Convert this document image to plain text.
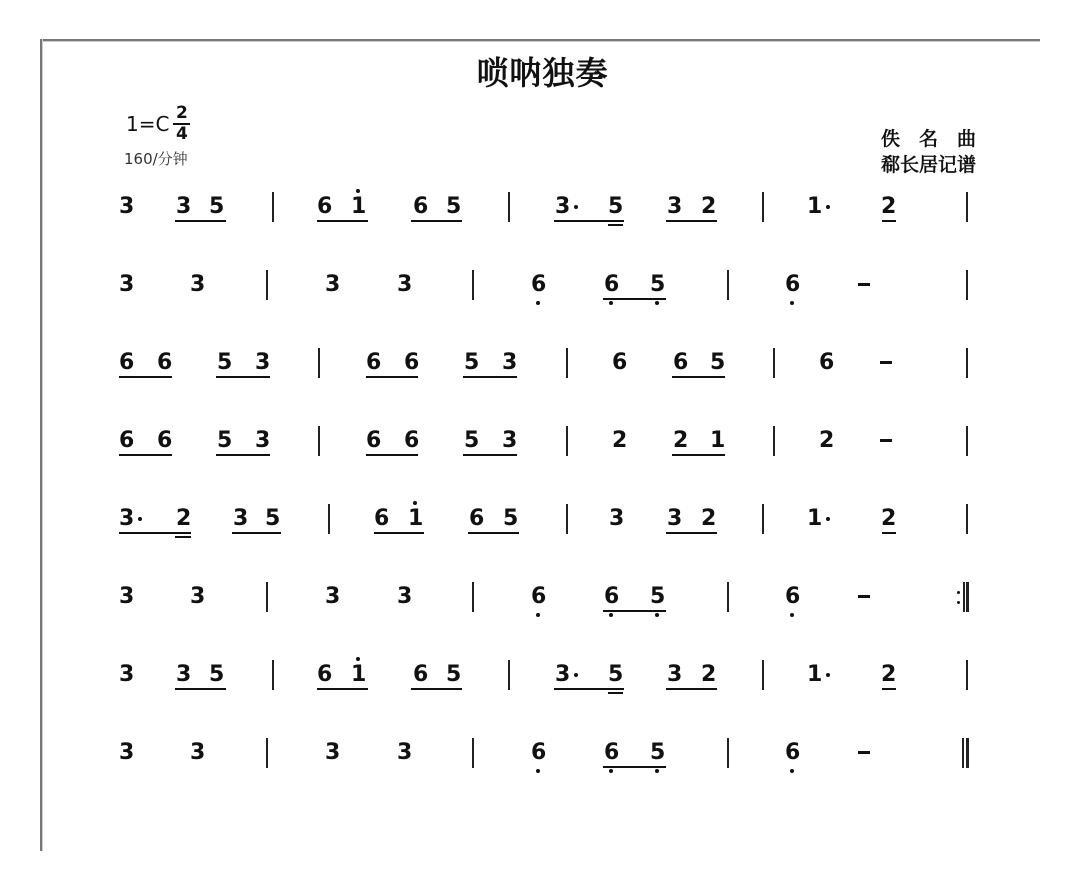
唢呐独奏
1=C 2
4
160/分钟
佚名曲
郗长居记谱
3 3 5	6 1 6 5	3 5 3 2	1	2
3	3	3	3	6	6 5	6
6 6 5 3	6 6 5 3	6 6 5	6
6 6 5 3	6 6 5 3	2 2 1	2
3 2 3 5	6 1 6 5	3 3 2	1	2
3	3	3	3	6	6 5	6
3 3 5	6 1 6 5	3 5 3 2	1	2
3	3	3	3	6	6 5	6
